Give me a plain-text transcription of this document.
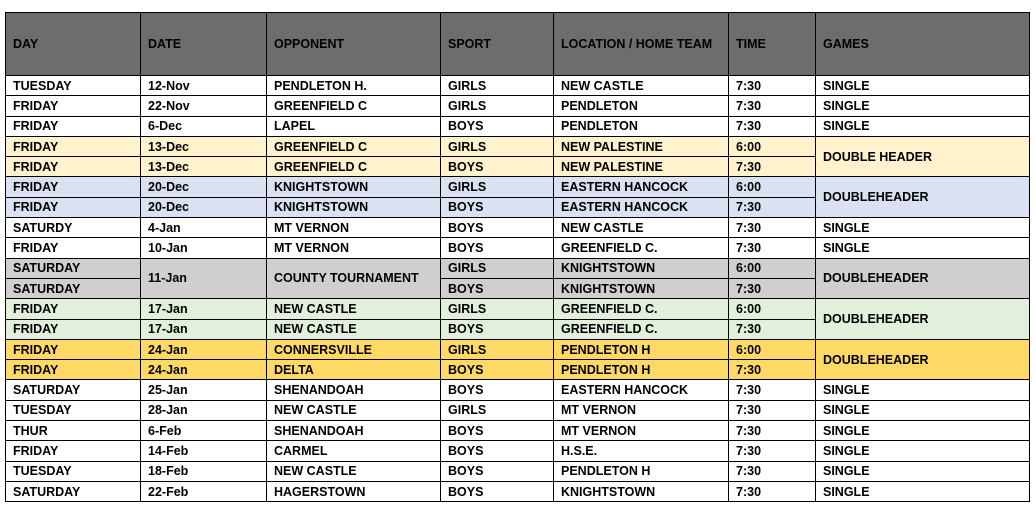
DAY	DATE	OPPONENT	SPORT	LOCATION / HOME TEAM	TIME	GAMES
TUESDAY	12-Nov	PENDLETON H.	GIRLS	NEW CASTLE	7:30	SINGLE
FRIDAY	22-Nov	GREENFIELD C	GIRLS	PENDLETON	7:30	SINGLE
FRIDAY	6-Dec	LAPEL	BOYS	PENDLETON	7:30	SINGLE
FRIDAY	13-Dec	GREENFIELD C	GIRLS	NEW PALESTINE	6:00	DOUBLE HEADER
FRIDAY	13-Dec	GREENFIELD C	BOYS	NEW PALESTINE	7:30	
FRIDAY	20-Dec	KNIGHTSTOWN	GIRLS	EASTERN HANCOCK	6:00	DOUBLEHEADER
FRIDAY	20-Dec	KNIGHTSTOWN	BOYS	EASTERN HANCOCK	7:30	
SATURDY	4-Jan	MT VERNON	BOYS	NEW CASTLE	7:30	SINGLE
FRIDAY	10-Jan	MT VERNON	BOYS	GREENFIELD C.	7:30	SINGLE
SATURDAY	11-Jan	COUNTY TOURNAMENT	GIRLS	KNIGHTSTOWN	6:00	DOUBLEHEADER
SATURDAY			BOYS	KNIGHTSTOWN	7:30	
FRIDAY	17-Jan	NEW CASTLE	GIRLS	GREENFIELD C.	6:00	DOUBLEHEADER
FRIDAY	17-Jan	NEW CASTLE	BOYS	GREENFIELD C.	7:30	
FRIDAY	24-Jan	CONNERSVILLE	GIRLS	PENDLETON H	6:00	DOUBLEHEADER
FRIDAY	24-Jan	DELTA	BOYS	PENDLETON H	7:30	
SATURDAY	25-Jan	SHENANDOAH	BOYS	EASTERN HANCOCK	7:30	SINGLE
TUESDAY	28-Jan	NEW CASTLE	GIRLS	MT VERNON	7:30	SINGLE
THUR	6-Feb	SHENANDOAH	BOYS	MT VERNON	7:30	SINGLE
FRIDAY	14-Feb	CARMEL	BOYS	H.S.E.	7:30	SINGLE
TUESDAY	18-Feb	NEW CASTLE	BOYS	PENDLETON H	7:30	SINGLE
SATURDAY	22-Feb	HAGERSTOWN	BOYS	KNIGHTSTOWN	7:30	SINGLE
